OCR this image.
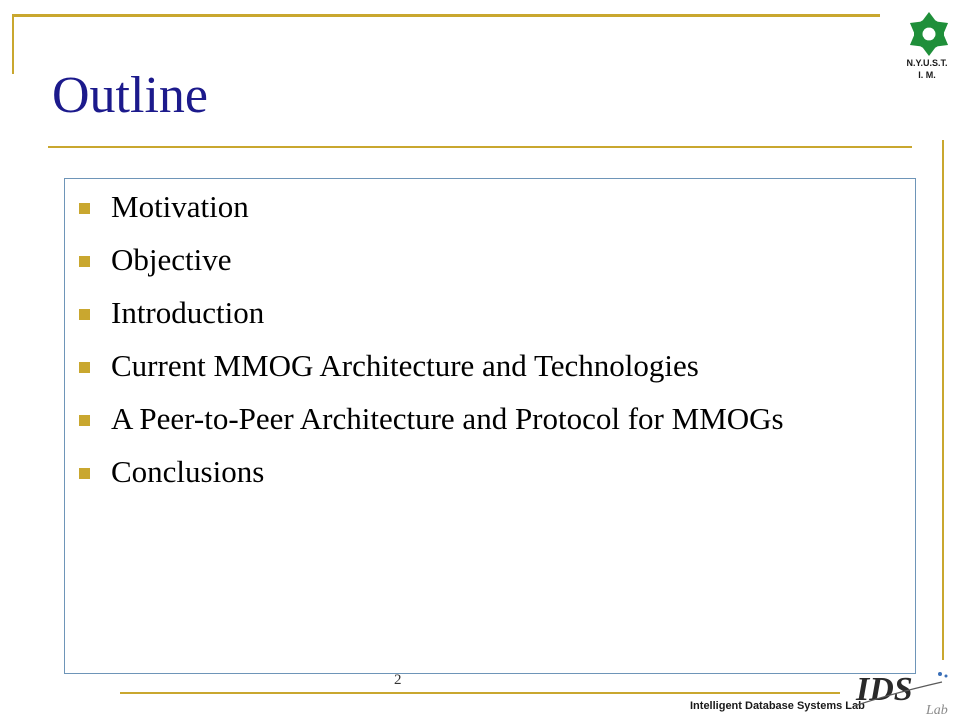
Outline
N.Y.U.S.T.
I. M.
Motivation
Objective
Introduction
Current MMOG Architecture and Technologies
A Peer-to-Peer Architecture and Protocol for MMOGs
Conclusions
2
Intelligent Database Systems Lab
IDS
Lab
